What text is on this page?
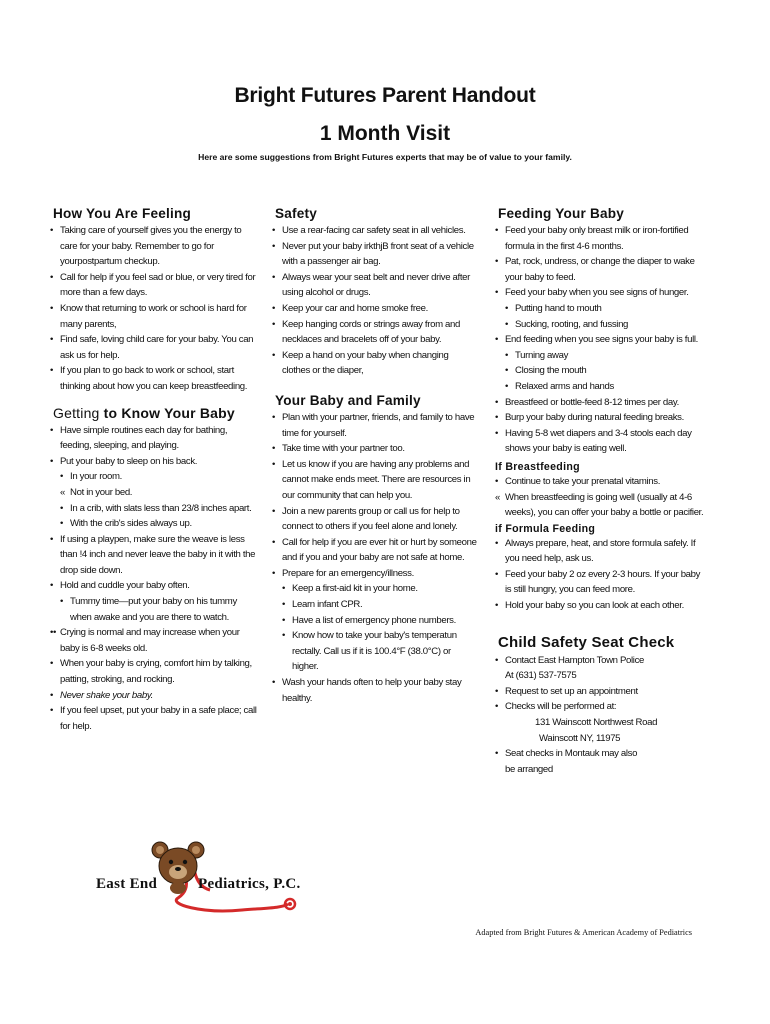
Bright Futures Parent Handout
1 Month Visit
Here are some suggestions from Bright Futures experts that may be of value to your family.
How You Are Feeling
• Taking care of yourself gives you the energy to care for your baby. Remember to go for yourpostpartum checkup.
• Call for help if you feel sad or blue, or very tired for more than a few days.
• Know that returning to work or school is hard for many parents,
• Find safe, loving child care for your baby. You can ask us for help.
• If you plan to go back to work or school, start thinking about how you can keep breastfeeding.
Getting to Know Your Baby
• Have simple routines each day for bathing, feeding, sleeping, and playing.
• Put your baby to sleep on his back.
• In your room.
« Not in your bed.
• In a crib, with slats less than 23/8 inches apart.
• With the crib's sides always up.
• If using a playpen, make sure the weave is less than !4 inch and never leave the baby in it with the drop side down.
• Hold and cuddle your baby often.
• Tummy time—put your baby on his tummy when awake and you are there to watch.
•• Crying is normal and may increase when your baby is 6-8 weeks old.
• When your baby is crying, comfort him by talking, patting, stroking, and rocking.
• Never shake your baby.
• If you feel upset, put your baby in a safe place; call for help.
Safety
• Use a rear-facing car safety seat in all vehicles.
• Never put your baby irkthjB front seat of a vehicle with a passenger air bag.
• Always wear your seat belt and never drive after using alcohol or drugs.
• Keep your car and home smoke free.
• Keep hanging cords or strings away from and necklaces and bracelets off of your baby.
• Keep a hand on your baby when changing clothes or the diaper,
Your Baby and Family
• Plan with your partner, friends, and family to have time for yourself.
• Take time with your partner too.
• Let us know if you are having any problems and cannot make ends meet. There are resources in our community that can help you.
• Join a new parents group or call us for help to connect to others if you feel alone and lonely.
• Call for help if you are ever hit or hurt by someone and if you and your baby are not safe at home.
• Prepare for an emergency/illness.
• Keep a first-aid kit in your home.
• Learn infant CPR.
• Have a list of emergency phone numbers.
• Know how to take your baby's temperatun rectally. Call us if it is 100.4°F (38.0°C) or higher.
• Wash your hands often to help your baby stay healthy.
Feeding Your Baby
• Feed your baby only breast milk or iron-fortified formula in the first 4-6 months.
• Pat, rock, undress, or change the diaper to wake your baby to feed.
• Feed your baby when you see signs of hunger.
• Putting hand to mouth
• Sucking, rooting, and fussing
• End feeding when you see signs your baby is full.
• Turning away
• Closing the mouth
• Relaxed arms and hands
• Breastfeed or bottle-feed 8-12 times per day.
• Burp your baby during natural feeding breaks.
• Having 5-8 wet diapers and 3-4 stools each day shows your baby is eating well.
If Breastfeeding
• Continue to take your prenatal vitamins.
« When breastfeeding is going well (usually at 4-6 weeks), you can offer your baby a bottle or pacifier.
if Formula Feeding
• Always prepare, heat, and store formula safely. If you need help, ask us.
• Feed your baby 2 oz every 2-3 hours. If your baby is still hungry, you can feed more.
• Hold your baby so you can look at each other.
Child Safety Seat Check
• Contact East Hampton Town Police
At (631) 537-7575
• Request to set up an appointment
• Checks will be performed at:
131 Wainscott Northwest Road
Wainscott NY, 11975
• Seat checks in Montauk may also
be arranged
East End	Pediatrics, P.C.
Adapted from Bright Futures & American Academy of Pediatrics
